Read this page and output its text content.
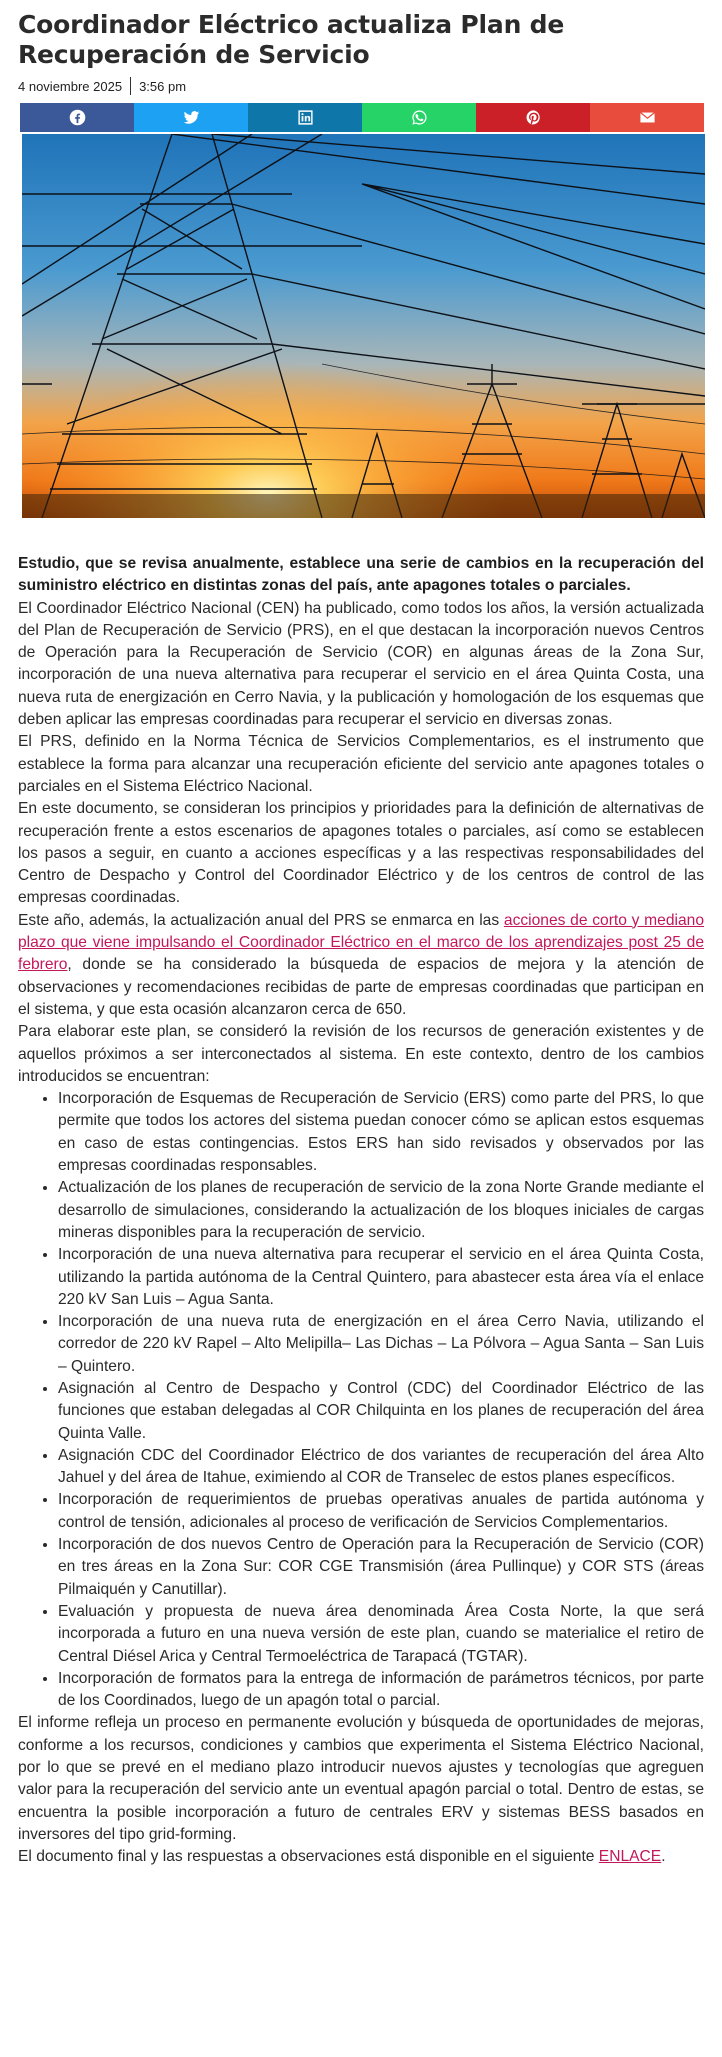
Coordinador Eléctrico actualiza Plan de Recuperación de Servicio
4 noviembre 2025 3:56 pm

Estudio, que se revisa anualmente, establece una serie de cambios en la recuperación del suministro eléctrico en distintas zonas del país, ante apagones totales o parciales.

El Coordinador Eléctrico Nacional (CEN) ha publicado, como todos los años, la versión actualizada del Plan de Recuperación de Servicio (PRS), en el que destacan la incorporación nuevos Centros de Operación para la Recuperación de Servicio (COR) en algunas áreas de la Zona Sur, incorporación de una nueva alternativa para recuperar el servicio en el área Quinta Costa, una nueva ruta de energización en Cerro Navia, y la publicación y homologación de los esquemas que deben aplicar las empresas coordinadas para recuperar el servicio en diversas zonas.

El PRS, definido en la Norma Técnica de Servicios Complementarios, es el instrumento que establece la forma para alcanzar una recuperación eficiente del servicio ante apagones totales o parciales en el Sistema Eléctrico Nacional.

En este documento, se consideran los principios y prioridades para la definición de alternativas de recuperación frente a estos escenarios de apagones totales o parciales, así como se establecen los pasos a seguir, en cuanto a acciones específicas y a las respectivas responsabilidades del Centro de Despacho y Control del Coordinador Eléctrico y de los centros de control de las empresas coordinadas.

Este año, además, la actualización anual del PRS se enmarca en las acciones de corto y mediano plazo que viene impulsando el Coordinador Eléctrico en el marco de los aprendizajes post 25 de febrero, donde se ha considerado la búsqueda de espacios de mejora y la atención de observaciones y recomendaciones recibidas de parte de empresas coordinadas que participan en el sistema, y que esta ocasión alcanzaron cerca de 650.

Para elaborar este plan, se consideró la revisión de los recursos de generación existentes y de aquellos próximos a ser interconectados al sistema. En este contexto, dentro de los cambios introducidos se encuentran:

• Incorporación de Esquemas de Recuperación de Servicio (ERS) como parte del PRS, lo que permite que todos los actores del sistema puedan conocer cómo se aplican estos esquemas en caso de estas contingencias. Estos ERS han sido revisados y observados por las empresas coordinadas responsables.
• Actualización de los planes de recuperación de servicio de la zona Norte Grande mediante el desarrollo de simulaciones, considerando la actualización de los bloques iniciales de cargas mineras disponibles para la recuperación de servicio.
• Incorporación de una nueva alternativa para recuperar el servicio en el área Quinta Costa, utilizando la partida autónoma de la Central Quintero, para abastecer esta área vía el enlace 220 kV San Luis – Agua Santa.
• Incorporación de una nueva ruta de energización en el área Cerro Navia, utilizando el corredor de 220 kV Rapel – Alto Melipilla– Las Dichas – La Pólvora – Agua Santa – San Luis – Quintero.
• Asignación al Centro de Despacho y Control (CDC) del Coordinador Eléctrico de las funciones que estaban delegadas al COR Chilquinta en los planes de recuperación del área Quinta Valle.
• Asignación CDC del Coordinador Eléctrico de dos variantes de recuperación del área Alto Jahuel y del área de Itahue, eximiendo al COR de Transelec de estos planes específicos.
• Incorporación de requerimientos de pruebas operativas anuales de partida autónoma y control de tensión, adicionales al proceso de verificación de Servicios Complementarios.
• Incorporación de dos nuevos Centro de Operación para la Recuperación de Servicio (COR) en tres áreas en la Zona Sur: COR CGE Transmisión (área Pullinque) y COR STS (áreas Pilmaiquén y Canutillar).
• Evaluación y propuesta de nueva área denominada Área Costa Norte, la que será incorporada a futuro en una nueva versión de este plan, cuando se materialice el retiro de Central Diésel Arica y Central Termoeléctrica de Tarapacá (TGTAR).
• Incorporación de formatos para la entrega de información de parámetros técnicos, por parte de los Coordinados, luego de un apagón total o parcial.

El informe refleja un proceso en permanente evolución y búsqueda de oportunidades de mejoras, conforme a los recursos, condiciones y cambios que experimenta el Sistema Eléctrico Nacional, por lo que se prevé en el mediano plazo introducir nuevos ajustes y tecnologías que agreguen valor para la recuperación del servicio ante un eventual apagón parcial o total. Dentro de estas, se encuentra la posible incorporación a futuro de centrales ERV y sistemas BESS basados en inversores del tipo grid-forming.

El documento final y las respuestas a observaciones está disponible en el siguiente ENLACE.
